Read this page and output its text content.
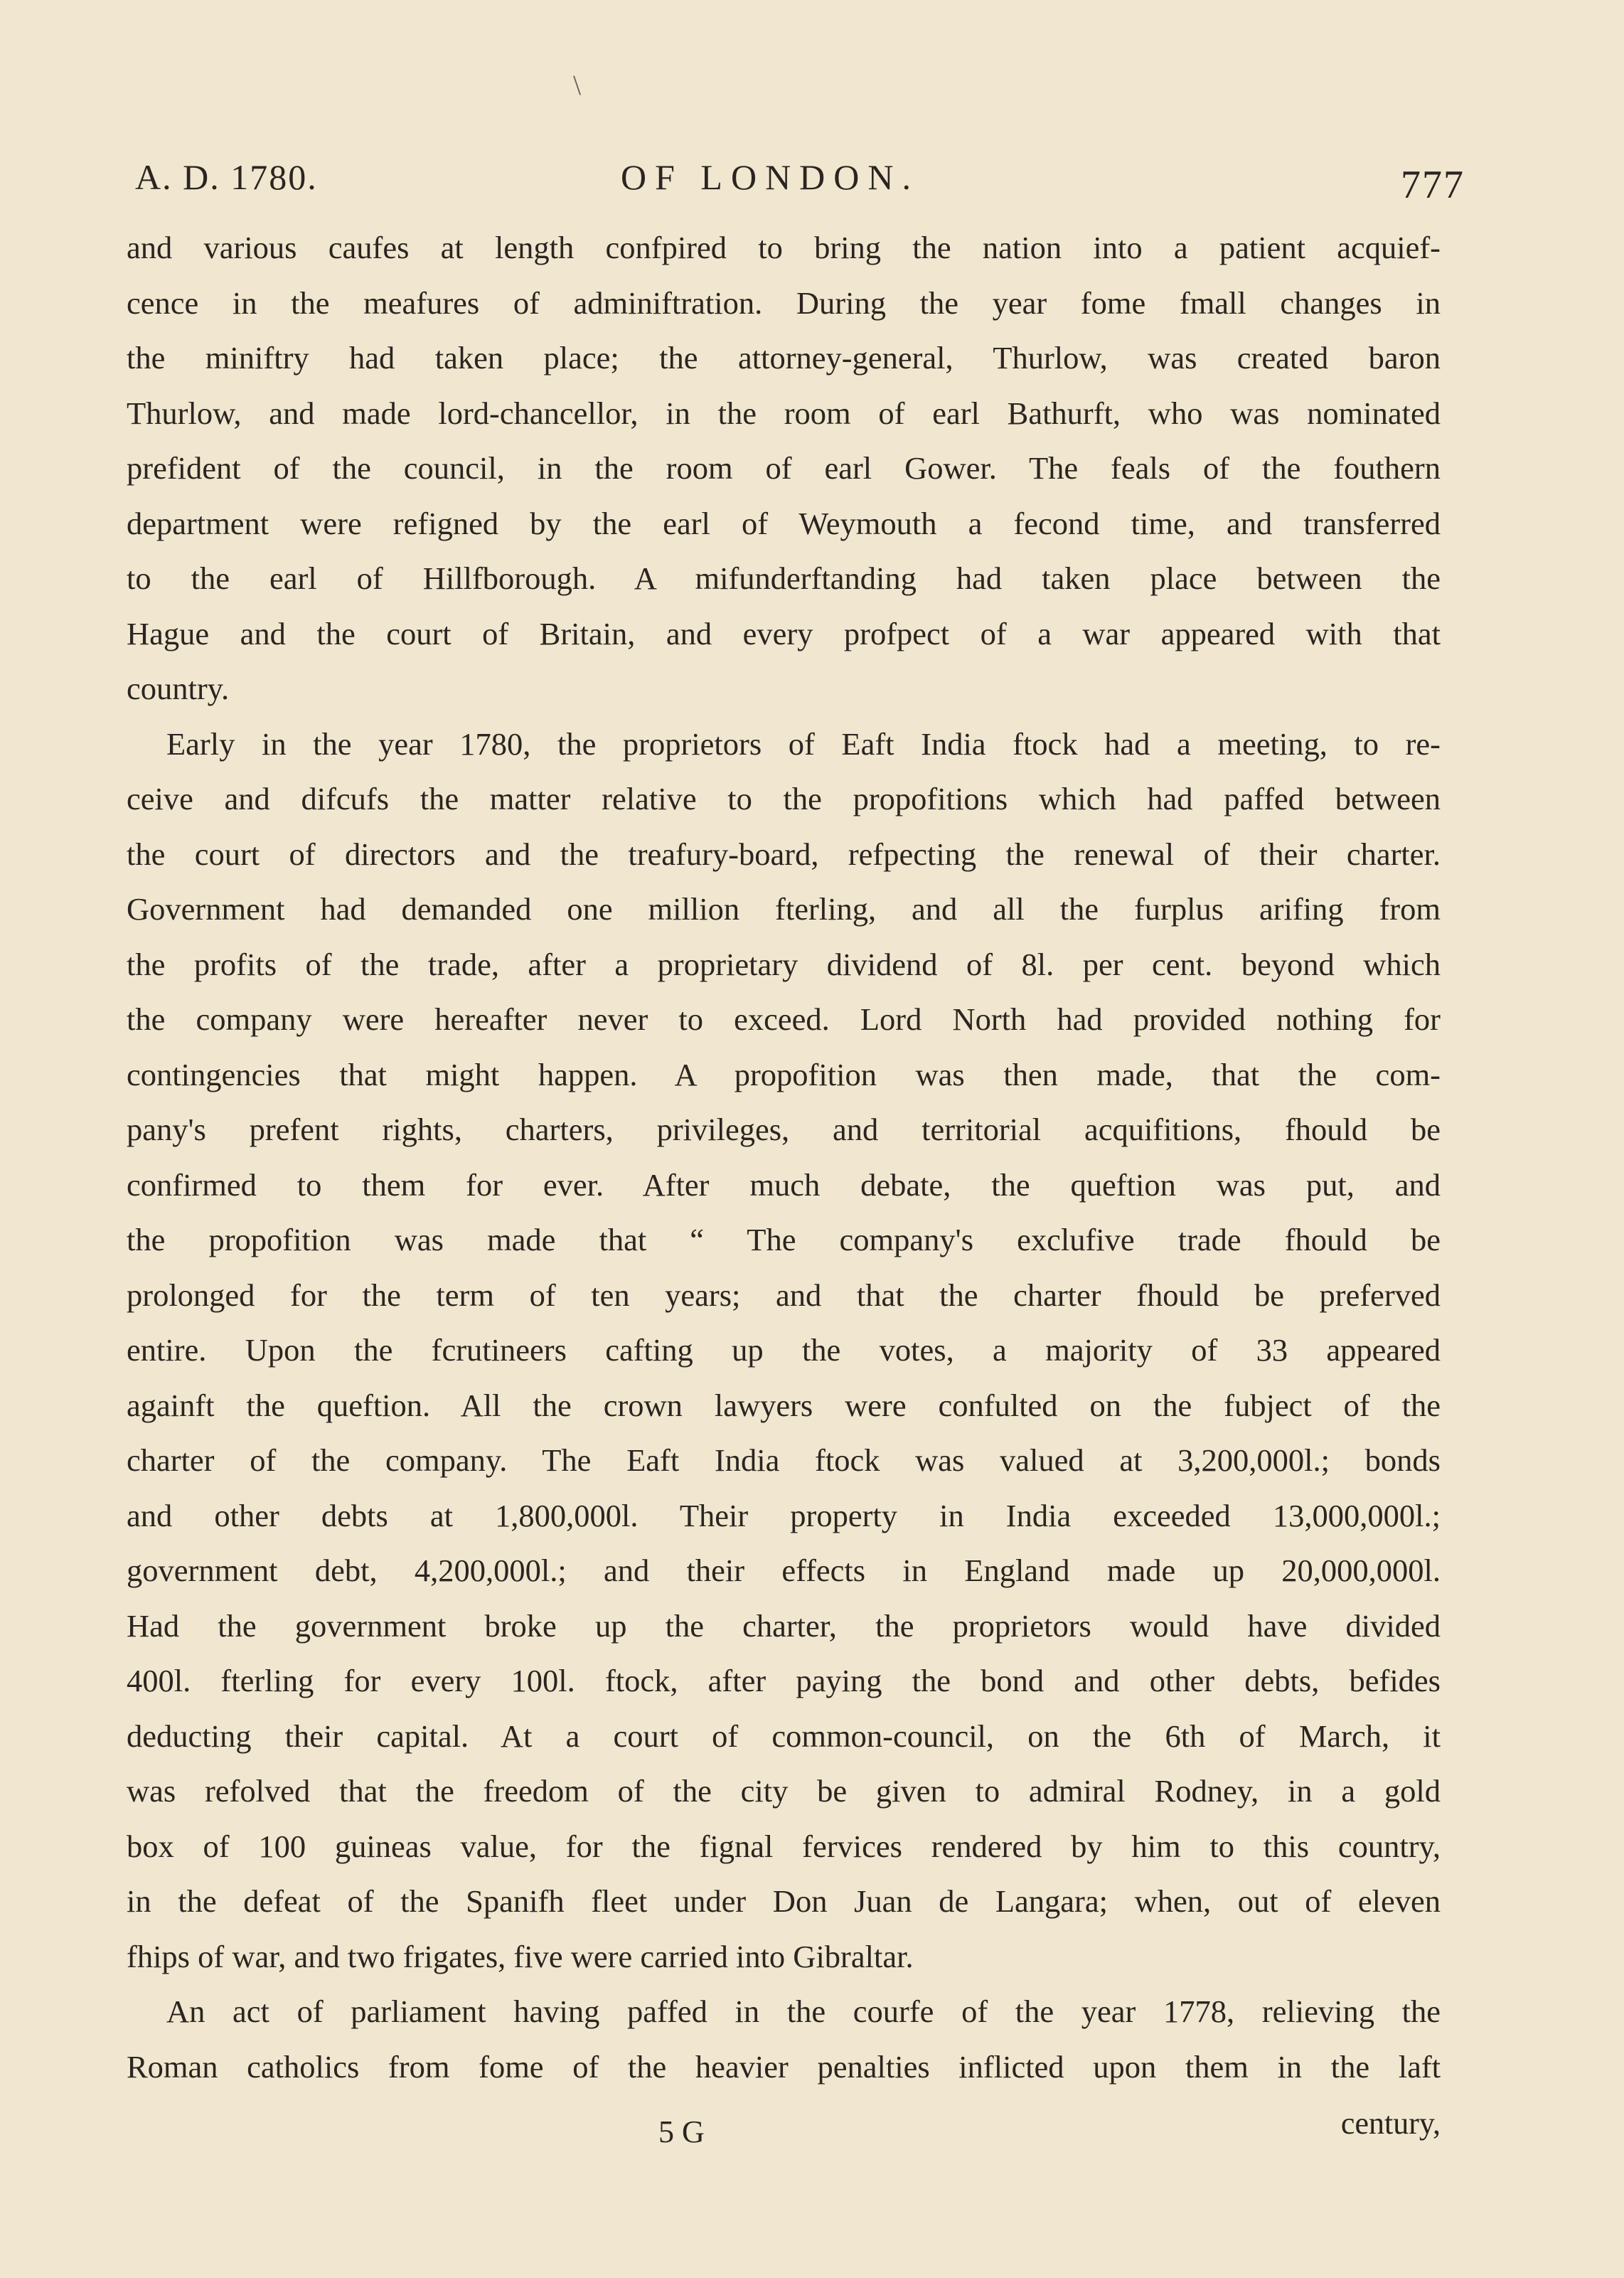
\
A. D. 1780.	OF LONDON.	777
and various caufes at length confpired to bring the nation into a patient acquief-
cence in the meafures of adminiftration. During the year fome fmall changes in
the miniftry had taken place; the attorney-general, Thurlow, was created baron
Thurlow, and made lord-chancellor, in the room of earl Bathurft, who was nominated
prefident of the council, in the room of earl Gower. The feals of the fouthern
department were refigned by the earl of Weymouth a fecond time, and transferred
to the earl of Hillfborough. A mifunderftanding had taken place between the
Hague and the court of Britain, and every profpect of a war appeared with that
country.
Early in the year 1780, the proprietors of Eaft India ftock had a meeting, to re-
ceive and difcufs the matter relative to the propofitions which had paffed between
the court of directors and the treafury-board, refpecting the renewal of their charter.
Government had demanded one million fterling, and all the furplus arifing from
the profits of the trade, after a proprietary dividend of 8l. per cent. beyond which
the company were hereafter never to exceed. Lord North had provided nothing for
contingencies that might happen. A propofition was then made, that the com-
pany's prefent rights, charters, privileges, and territorial acquifitions, fhould be
confirmed to them for ever. After much debate, the queftion was put, and
the propofition was made that “ The company's exclufive trade fhould be
prolonged for the term of ten years; and that the charter fhould be preferved
entire. Upon the fcrutineers cafting up the votes, a majority of 33 appeared
againft the queftion. All the crown lawyers were confulted on the fubject of the
charter of the company. The Eaft India ftock was valued at 3,200,000l.; bonds
and other debts at 1,800,000l. Their property in India exceeded 13,000,000l.;
government debt, 4,200,000l.; and their effects in England made up 20,000,000l.
Had the government broke up the charter, the proprietors would have divided
400l. fterling for every 100l. ftock, after paying the bond and other debts, befides
deducting their capital. At a court of common-council, on the 6th of March, it
was refolved that the freedom of the city be given to admiral Rodney, in a gold
box of 100 guineas value, for the fignal fervices rendered by him to this country,
in the defeat of the Spanifh fleet under Don Juan de Langara; when, out of eleven
fhips of war, and two frigates, five were carried into Gibraltar.
An act of parliament having paffed in the courfe of the year 1778, relieving the
Roman catholics from fome of the heavier penalties inflicted upon them in the laft
5 G	century,
